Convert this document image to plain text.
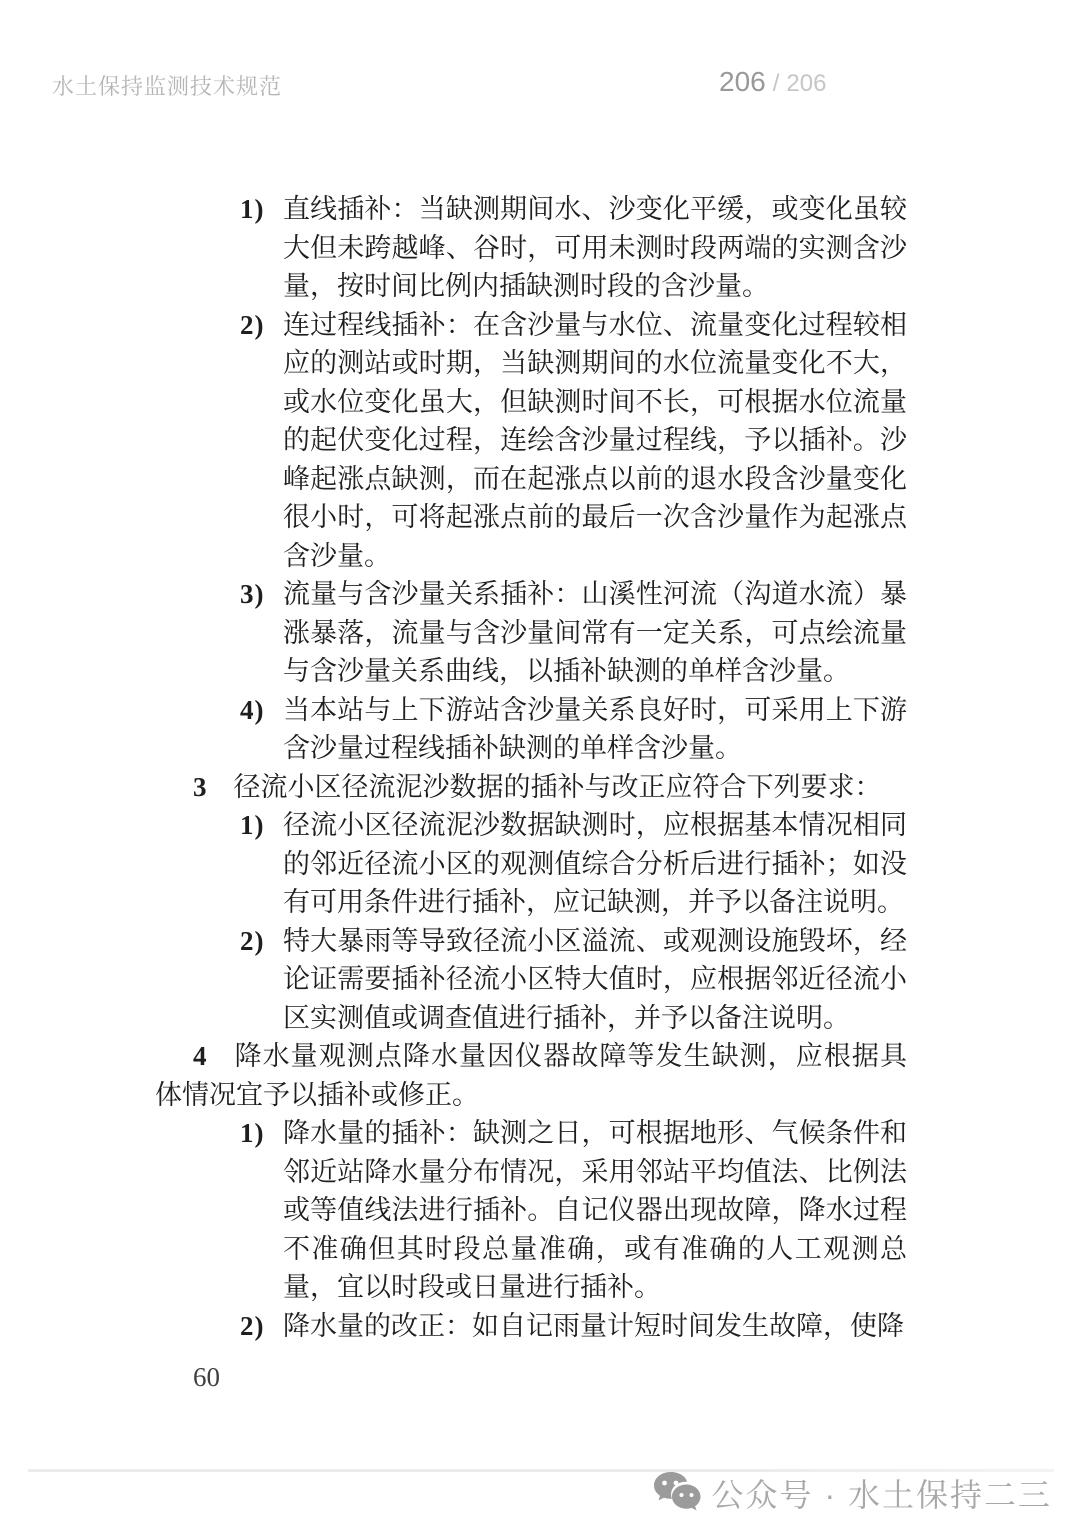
水土保持监测技术规范	206 / 206

1) 直线插补：当缺测期间水、沙变化平缓，或变化虽较大但未跨越峰、谷时，可用未测时段两端的实测含沙量，按时间比例内插缺测时段的含沙量。

2) 连过程线插补：在含沙量与水位、流量变化过程较相应的测站或时期，当缺测期间的水位流量变化不大，或水位变化虽大，但缺测时间不长，可根据水位流量的起伏变化过程，连绘含沙量过程线，予以插补。沙峰起涨点缺测，而在起涨点以前的退水段含沙量变化很小时，可将起涨点前的最后一次含沙量作为起涨点含沙量。

3) 流量与含沙量关系插补：山溪性河流（沟道水流）暴涨暴落，流量与含沙量间常有一定关系，可点绘流量与含沙量关系曲线，以插补缺测的单样含沙量。

4) 当本站与上下游站含沙量关系良好时，可采用上下游含沙量过程线插补缺测的单样含沙量。

3 径流小区径流泥沙数据的插补与改正应符合下列要求：

1) 径流小区径流泥沙数据缺测时，应根据基本情况相同的邻近径流小区的观测值综合分析后进行插补；如没有可用条件进行插补，应记缺测，并予以备注说明。

2) 特大暴雨等导致径流小区溢流、或观测设施毁坏，经论证需要插补径流小区特大值时，应根据邻近径流小区实测值或调查值进行插补，并予以备注说明。

4 降水量观测点降水量因仪器故障等发生缺测，应根据具体情况宜予以插补或修正。

1) 降水量的插补：缺测之日，可根据地形、气候条件和邻近站降水量分布情况，采用邻站平均值法、比例法或等值线法进行插补。自记仪器出现故障，降水过程不准确但其时段总量准确，或有准确的人工观测总量，宜以时段或日量进行插补。

2) 降水量的改正：如自记雨量计短时间发生故障，使降

60
公众号 · 水土保持二三
